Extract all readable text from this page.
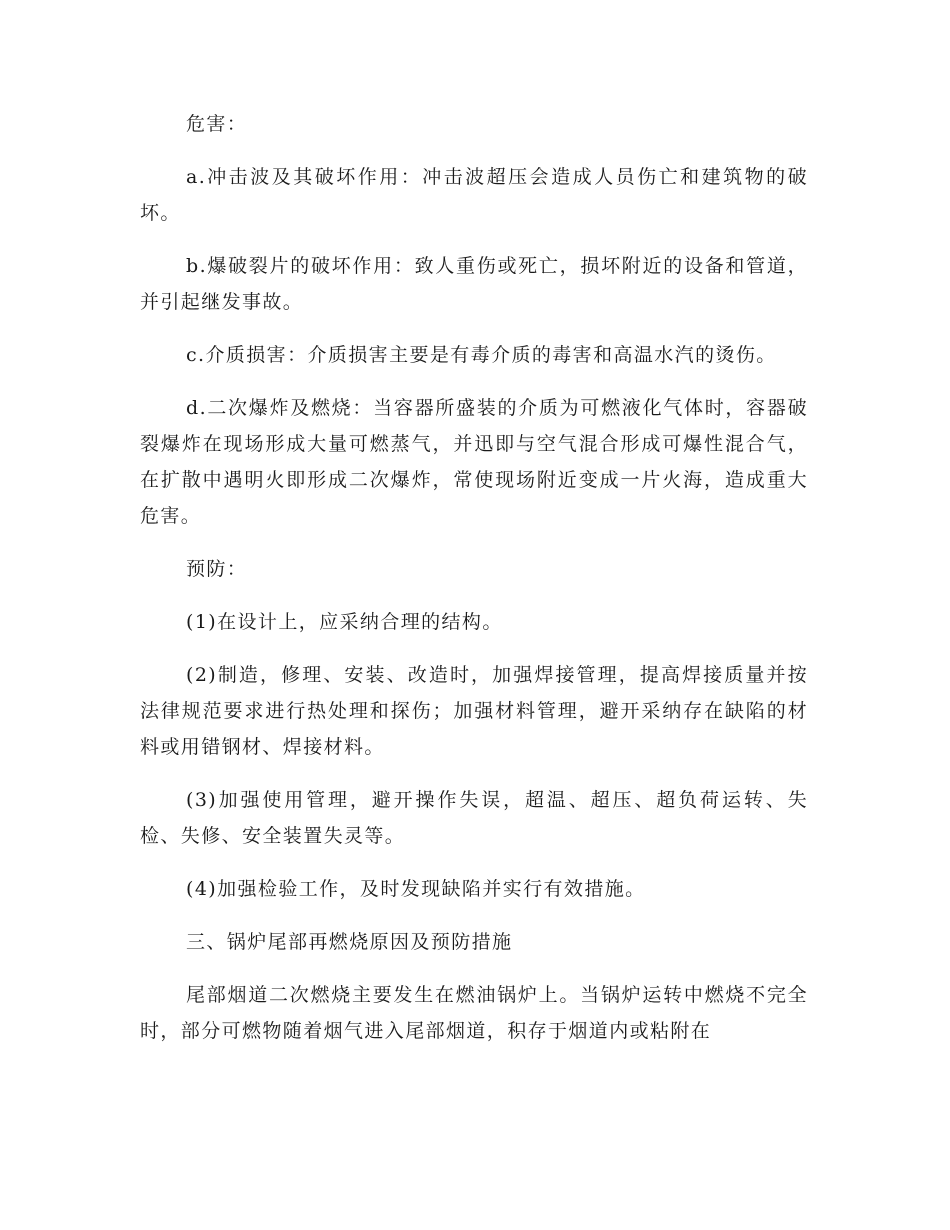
危害：

a.冲击波及其破坏作用：冲击波超压会造成人员伤亡和建筑物的破坏。

b.爆破裂片的破坏作用：致人重伤或死亡，损坏附近的设备和管道，并引起继发事故。

c.介质损害：介质损害主要是有毒介质的毒害和高温水汽的烫伤。

d.二次爆炸及燃烧：当容器所盛装的介质为可燃液化气体时，容器破裂爆炸在现场形成大量可燃蒸气，并迅即与空气混合形成可爆性混合气，在扩散中遇明火即形成二次爆炸，常使现场附近变成一片火海，造成重大危害。

预防：

(1)在设计上，应采纳合理的结构。

(2)制造，修理、安装、改造时，加强焊接管理，提高焊接质量并按法律规范要求进行热处理和探伤；加强材料管理，避开采纳存在缺陷的材料或用错钢材、焊接材料。

(3)加强使用管理，避开操作失误，超温、超压、超负荷运转、失检、失修、安全装置失灵等。

(4)加强检验工作，及时发现缺陷并实行有效措施。

三、锅炉尾部再燃烧原因及预防措施

尾部烟道二次燃烧主要发生在燃油锅炉上。当锅炉运转中燃烧不完全时，部分可燃物随着烟气进入尾部烟道，积存于烟道内或粘附在
